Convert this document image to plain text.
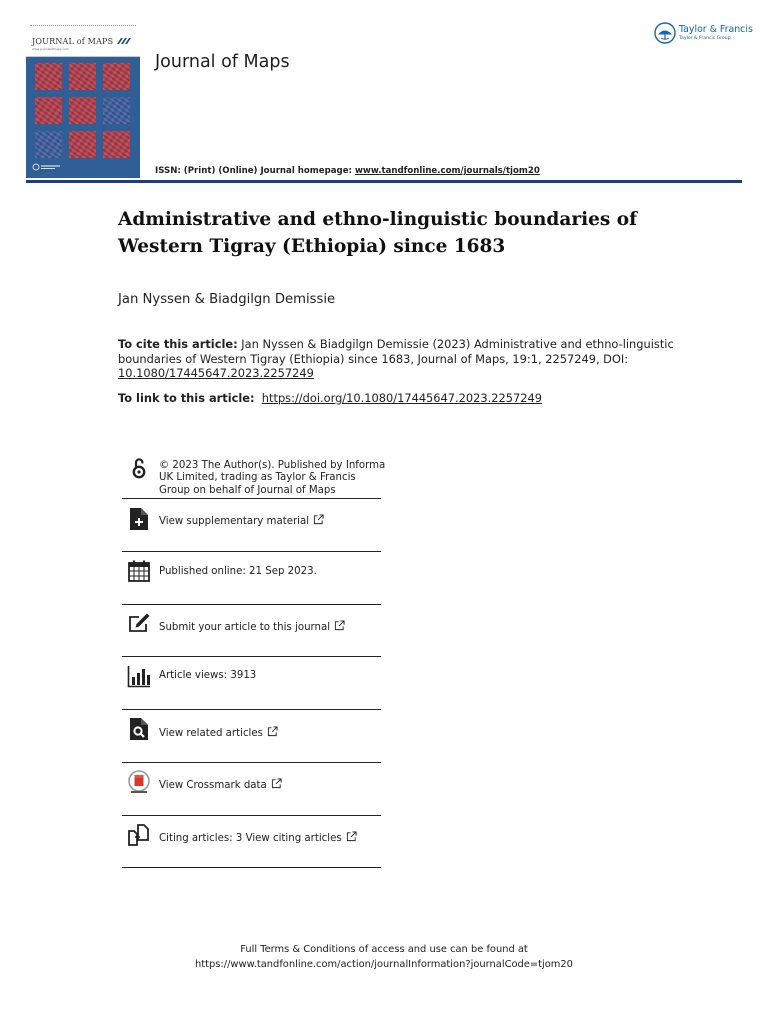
JOURNAL of MAPS
www.journalofmaps.com
Journal of Maps
ISSN: (Print) (Online) Journal homepage: www.tandfonline.com/journals/tjom20
Taylor & Francis
Taylor & Francis Group
Administrative and ethno-linguistic boundaries of
Western Tigray (Ethiopia) since 1683
Jan Nyssen & Biadgilgn Demissie
To cite this article: Jan Nyssen & Biadgilgn Demissie (2023) Administrative and ethno-linguistic boundaries of Western Tigray (Ethiopia) since 1683, Journal of Maps, 19:1, 2257249, DOI: 10.1080/17445647.2023.2257249
To link to this article: https://doi.org/10.1080/17445647.2023.2257249
© 2023 The Author(s). Published by Informa
UK Limited, trading as Taylor & Francis
Group on behalf of Journal of Maps
View supplementary material
Published online: 21 Sep 2023.
Submit your article to this journal
Article views: 3913
View related articles
View Crossmark data
Citing articles: 3 View citing articles
Full Terms & Conditions of access and use can be found at
https://www.tandfonline.com/action/journalInformation?journalCode=tjom20
